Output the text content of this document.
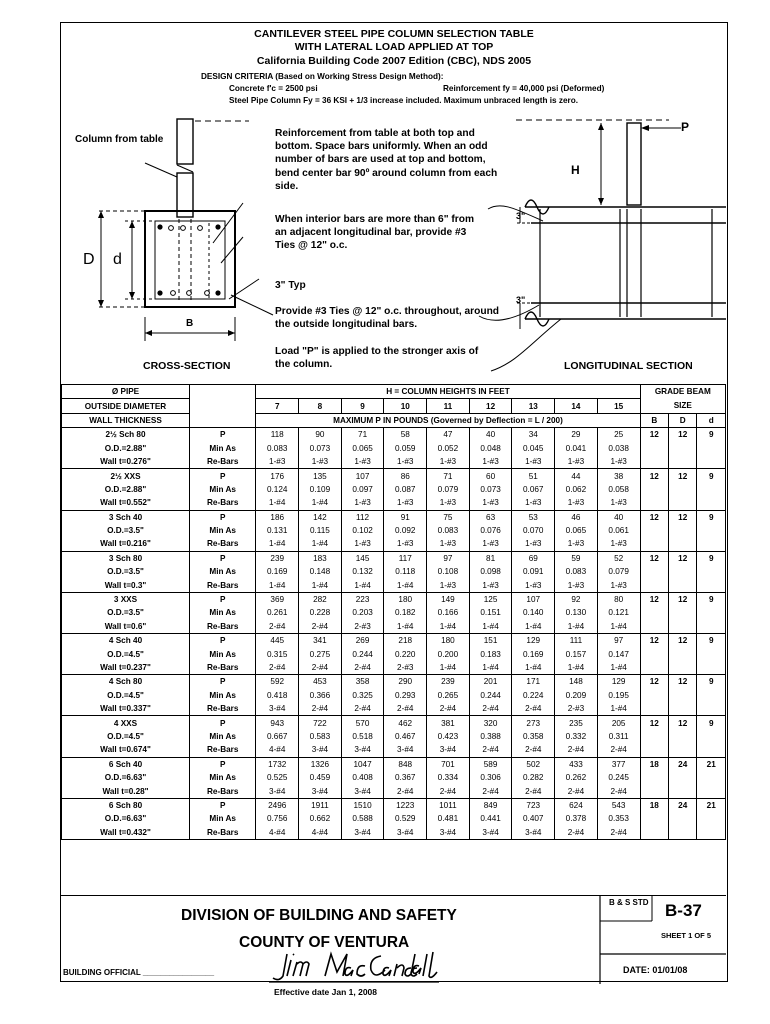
CANTILEVER STEEL PIPE COLUMN SELECTION TABLE
WITH LATERAL LOAD APPLIED AT TOP
California Building Code 2007 Edition (CBC), NDS 2005
DESIGN CRITERIA (Based on Working Stress Design Method):
Concrete f'c = 2500 psi	Reinforcement fy = 40,000 psi (Deformed)
Steel Pipe Column Fy = 36 KSI + 1/3 increase included. Maximum unbraced length is zero.
Column from table
D d
B
CROSS-SECTION	LONGITUDINAL SECTION
P
H
3"
3"
Reinforcement from table at both top and bottom. Space bars uniformly. When an odd number of bars are used at top and bottom, bend center bar 90º around column from each side.
When interior bars are more than 6" from an adjacent longitudinal bar, provide #3 Ties @ 12" o.c.
3" Typ
Provide #3 Ties @ 12" o.c. throughout, around the outside longitudinal bars.
Load "P" is applied to the stronger axis of the column.
Ø PIPE		H = COLUMN HEIGHTS IN FEET									GRADE BEAM		
OUTSIDE DIAMETER		7	8	9	10	11	12	13	14	15	SIZE		
WALL THICKNESS		MAXIMUM P IN POUNDS (Governed by Deflection = L / 200)									B	D	d
2½ Sch 80	P	118	90	71	58	47	40	34	29	25	12	12	9
O.D.=2.88"	Min As	0.083	0.073	0.065	0.059	0.052	0.048	0.045	0.041	0.038			
Wall t=0.276"	Re-Bars	1-#3	1-#3	1-#3	1-#3	1-#3	1-#3	1-#3	1-#3	1-#3			
2½ XXS	P	176	135	107	86	71	60	51	44	38	12	12	9
O.D.=2.88"	Min As	0.124	0.109	0.097	0.087	0.079	0.073	0.067	0.062	0.058			
Wall t=0.552"	Re-Bars	1-#4	1-#4	1-#3	1-#3	1-#3	1-#3	1-#3	1-#3	1-#3			
3 Sch 40	P	186	142	112	91	75	63	53	46	40	12	12	9
O.D.=3.5"	Min As	0.131	0.115	0.102	0.092	0.083	0.076	0.070	0.065	0.061			
Wall t=0.216"	Re-Bars	1-#4	1-#4	1-#3	1-#3	1-#3	1-#3	1-#3	1-#3	1-#3			
3 Sch 80	P	239	183	145	117	97	81	69	59	52	12	12	9
O.D.=3.5"	Min As	0.169	0.148	0.132	0.118	0.108	0.098	0.091	0.083	0.079			
Wall t=0.3"	Re-Bars	1-#4	1-#4	1-#4	1-#4	1-#3	1-#3	1-#3	1-#3	1-#3			
3 XXS	P	369	282	223	180	149	125	107	92	80	12	12	9
O.D.=3.5"	Min As	0.261	0.228	0.203	0.182	0.166	0.151	0.140	0.130	0.121			
Wall t=0.6"	Re-Bars	2-#4	2-#4	2-#3	1-#4	1-#4	1-#4	1-#4	1-#4	1-#4			
4 Sch 40	P	445	341	269	218	180	151	129	111	97	12	12	9
O.D.=4.5"	Min As	0.315	0.275	0.244	0.220	0.200	0.183	0.169	0.157	0.147			
Wall t=0.237"	Re-Bars	2-#4	2-#4	2-#4	2-#3	1-#4	1-#4	1-#4	1-#4	1-#4			
4 Sch 80	P	592	453	358	290	239	201	171	148	129	12	12	9
O.D.=4.5"	Min As	0.418	0.366	0.325	0.293	0.265	0.244	0.224	0.209	0.195			
Wall t=0.337"	Re-Bars	3-#4	2-#4	2-#4	2-#4	2-#4	2-#4	2-#4	2-#3	1-#4			
4 XXS	P	943	722	570	462	381	320	273	235	205	12	12	9
O.D.=4.5"	Min As	0.667	0.583	0.518	0.467	0.423	0.388	0.358	0.332	0.311			
Wall t=0.674"	Re-Bars	4-#4	3-#4	3-#4	3-#4	3-#4	2-#4	2-#4	2-#4	2-#4			
6 Sch 40	P	1732	1326	1047	848	701	589	502	433	377	18	24	21
O.D.=6.63"	Min As	0.525	0.459	0.408	0.367	0.334	0.306	0.282	0.262	0.245			
Wall t=0.28"	Re-Bars	3-#4	3-#4	3-#4	2-#4	2-#4	2-#4	2-#4	2-#4	2-#4			
6 Sch 80	P	2496	1911	1510	1223	1011	849	723	624	543	18	24	21
O.D.=6.63"	Min As	0.756	0.662	0.588	0.529	0.481	0.441	0.407	0.378	0.353			
Wall t=0.432"	Re-Bars	4-#4	4-#4	3-#4	3-#4	3-#4	3-#4	3-#4	2-#4	2-#4			
DIVISION OF BUILDING AND SAFETY
COUNTY OF VENTURA
BUILDING OFFICIAL ________________
B & S STD B-37
SHEET 1 OF 5
DATE: 01/01/08
Effective date Jan 1, 2008
